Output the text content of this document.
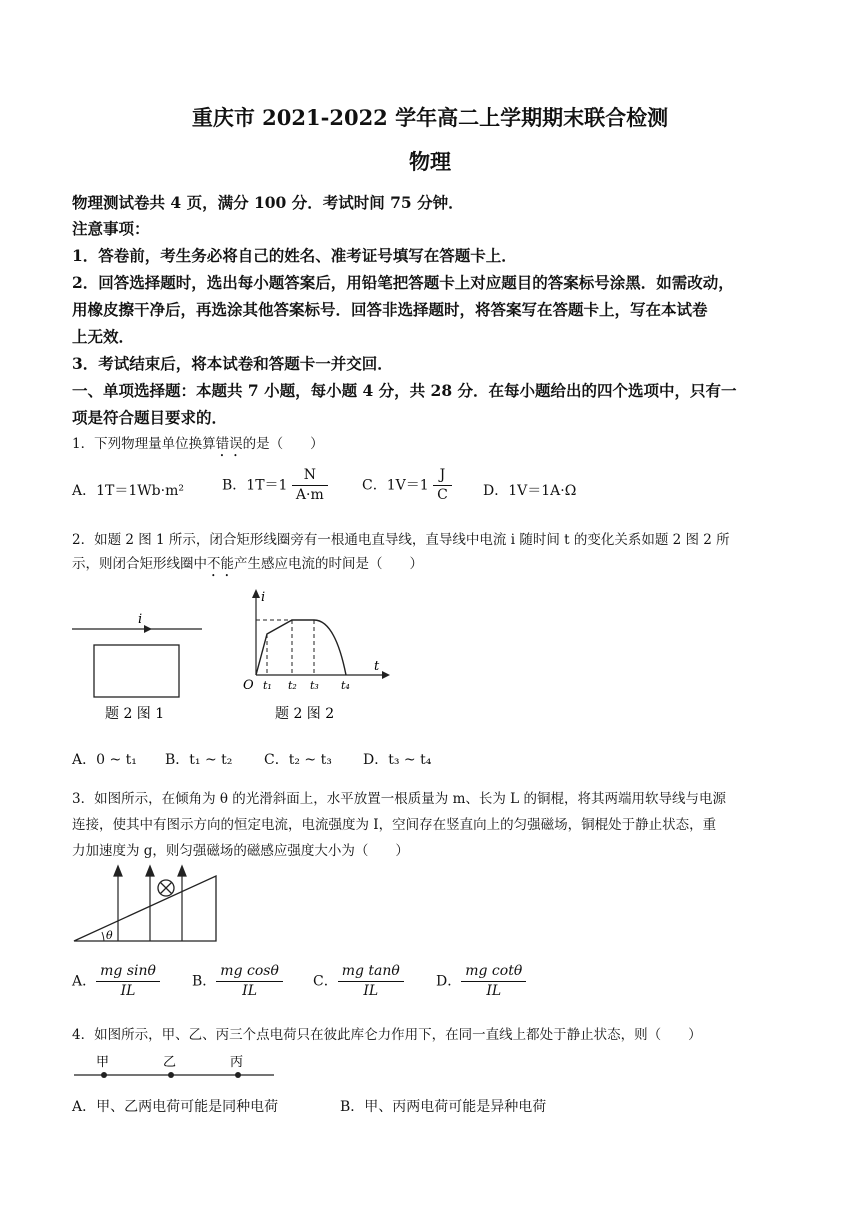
重庆市 2021-2022 学年高二上学期期末联合检测
物理
物理测试卷共 4 页，满分 100 分．考试时间 75 分钟．
注意事项：
1．答卷前，考生务必将自己的姓名、准考证号填写在答题卡上．
2．回答选择题时，选出每小题答案后，用铅笔把答题卡上对应题目的答案标号涂黑．如需改动，
用橡皮擦干净后，再选涂其他答案标号．回答非选择题时，将答案写在答题卡上，写在本试卷
上无效．
3．考试结束后，将本试卷和答题卡一并交回．
一、单项选择题：本题共 7 小题，每小题 4 分，共 28 分．在每小题给出的四个选项中，只有一
项是符合题目要求的．
1．下列物理量单位换算错误的是（　　）
A．1T＝1Wb·m²	B．$1T=1 \frac{N}{A\cdot m}$ C．$1V=1 \frac{J}{C}$ D．1V＝1A·Ω
2．如题 2 图 1 所示，闭合矩形线圈旁有一根通电直导线，直导线中电流 i 随时间 t 的变化关系如题 2 图 2 所
示，则闭合矩形线圈中不能产生感应电流的时间是（　　）
i
题 2 图 1
i
t
O t₁ t₂ t₃ t₄
题 2 图 2
A．0 ~ t₁ B．t₁ ~ t₂ C．t₂ ~ t₃ D．t₃ ~ t₄
3．如图所示，在倾角为 θ 的光滑斜面上，水平放置一根质量为 m、长为 L 的铜棍，将其两端用软导线与电源
连接，使其中有图示方向的恒定电流，电流强度为 I，空间存在竖直向上的匀强磁场，铜棍处于静止状态，重
力加速度为 g，则匀强磁场的磁感应强度大小为（　　）
θ
A． $\frac{\text{mg sinθ}}{IL}$ B． $\frac{\text{mg cosθ}}{IL}$ C． $\frac{\text{mg tanθ}}{IL}$ D． $\frac{\text{mg cotθ}}{IL}$
4．如图所示，甲、乙、丙三个点电荷只在彼此库仑力作用下，在同一直线上都处于静止状态，则（　　）
甲	乙	丙
A．甲、乙两电荷可能是同种电荷	B．甲、丙两电荷可能是异种电荷
